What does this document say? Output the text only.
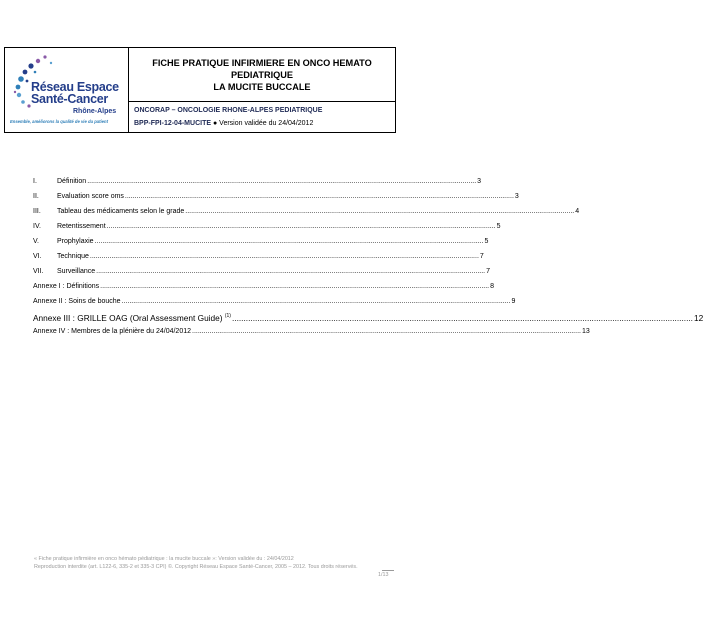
Réseau Espace
Santé-Cancer
Rhône-Alpes
Ensemble, améliorons la qualité de vie du patient
FICHE PRATIQUE INFIRMIERE EN ONCO HEMATO PEDIATRIQUE
LA MUCITE BUCCALE
ONCORAP – ONCOLOGIE RHONE-ALPES PEDIATRIQUE
BPP-FPI-12-04-MUCITE ● Version validée du 24/04/2012
I.	Définition ........................................................................................................................................................................................................ 3
II.	Evaluation score oms ........................................................................................................................................................................................................ 3
III.	Tableau des médicaments selon le grade ........................................................................................................................................................................................................ 4
IV.	Retentissement ........................................................................................................................................................................................................ 5
V.	Prophylaxie ........................................................................................................................................................................................................ 5
VI.	Technique ........................................................................................................................................................................................................ 7
VII.	Surveillance ........................................................................................................................................................................................................ 7
Annexe I : Définitions ........................................................................................................................................................................................................ 8
Annexe II : Soins de bouche ........................................................................................................................................................................................................ 9
Annexe III : GRILLE OAG (Oral Assessment Guide) $^{(1)}$ ........................................................................................................................................................................................................ 12
Annexe IV : Membres de la plénière du 24/04/2012 ........................................................................................................................................................................................................ 13
« Fiche pratique infirmière en onco hémato pédiatrique : la mucite buccale »: Version validée du : 24/04/2012
Reproduction interdite (art. L122-6, 335-2 et 335-3 CPI) ©. Copyright Réseau Espace Santé-Cancer, 2005 – 2012. Tous droits réservés.
1/13
